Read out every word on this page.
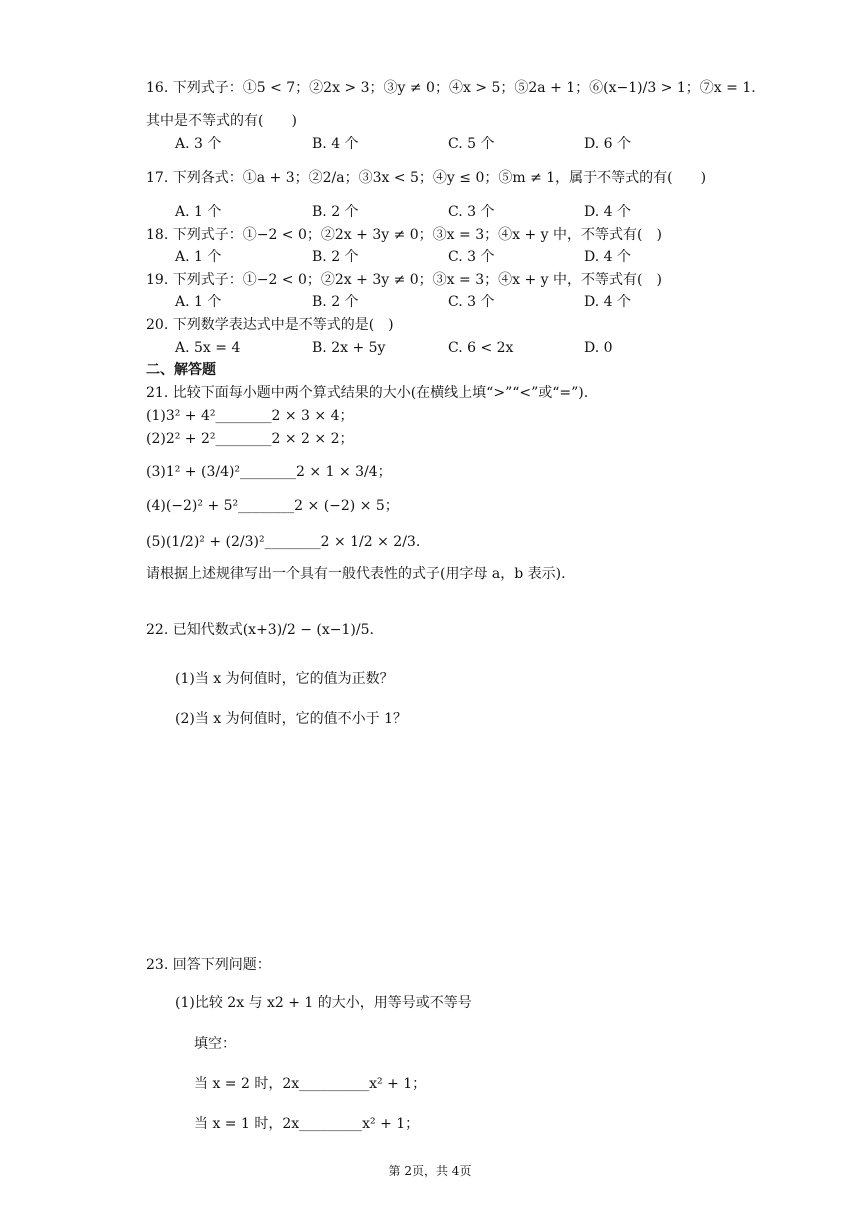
16. 下列式子：①5 < 7；②2x > 3；③y ≠ 0；④x > 5；⑤2a + 1；⑥(x−1)/3 > 1；⑦x = 1.
其中是不等式的有(　　)
A. 3 个	B. 4 个	C. 5 个	D. 6 个
17. 下列各式：①a + 3；②2/a；③3x < 5；④y ≤ 0；⑤m ≠ 1，属于不等式的有(　　)
A. 1 个	B. 2 个	C. 3 个	D. 4 个
18. 下列式子：①−2 < 0；②2x + 3y ≠ 0；③x = 3；④x + y 中，不等式有(　)
A. 1 个	B. 2 个	C. 3 个	D. 4 个
19. 下列式子：①−2 < 0；②2x + 3y ≠ 0；③x = 3；④x + y 中，不等式有(　)
A. 1 个	B. 2 个	C. 3 个	D. 4 个
20. 下列数学表达式中是不等式的是(　)
A. 5x = 4	B. 2x + 5y	C. 6 < 2x	D. 0
二、解答题
21. 比较下面每小题中两个算式结果的大小(在横线上填“>”“<”或“=”).
(1)3² + 4²________2 × 3 × 4；
(2)2² + 2²________2 × 2 × 2；
(3)1² + (3/4)²________2 × 1 × 3/4；
(4)(−2)² + 5²________2 × (−2) × 5；
(5)(1/2)² + (2/3)²________2 × 1/2 × 2/3.
请根据上述规律写出一个具有一般代表性的式子(用字母 a，b 表示).
22. 已知代数式(x+3)/2 − (x−1)/5.
(1)当 x 为何值时，它的值为正数？
(2)当 x 为何值时，它的值不小于 1？
23. 回答下列问题：
(1)比较 2x 与 x2 + 1 的大小，用等号或不等号
填空：
当 x = 2 时，2x__________x² + 1；
当 x = 1 时，2x_________x² + 1；
第 2页，共 4页
